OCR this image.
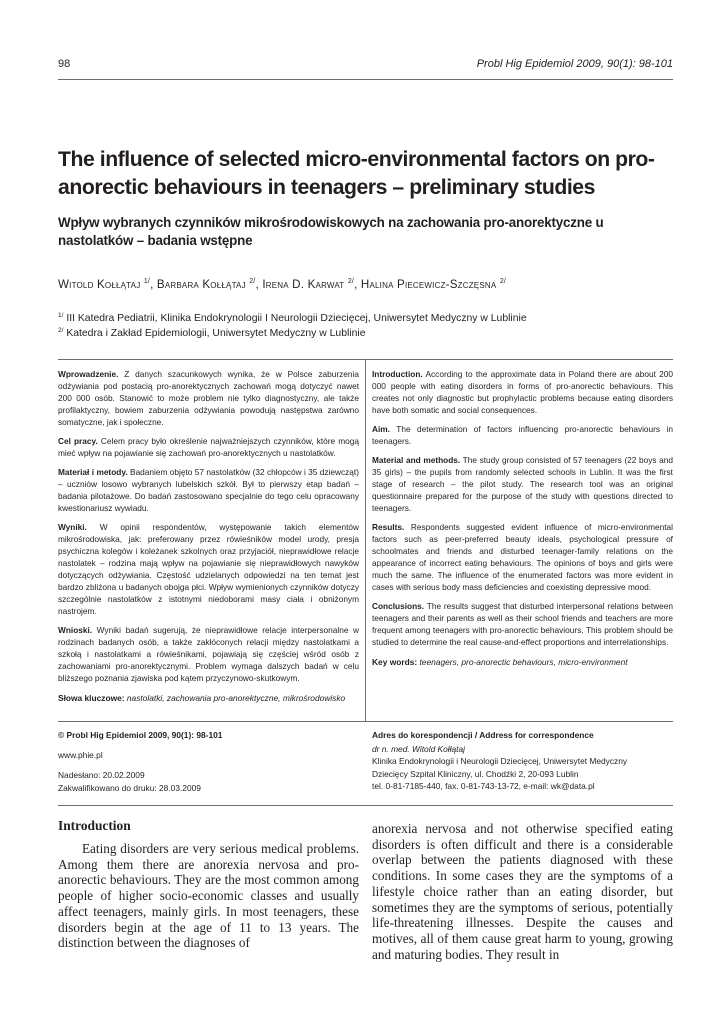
98	Probl Hig Epidemiol 2009, 90(1): 98-101
The influence of selected micro-environmental factors on pro-anorectic behaviours in teenagers – preliminary studies
Wpływ wybranych czynników mikrośrodowiskowych na zachowania pro-anorektyczne u nastolatków – badania wstępne
Witold Kołłątaj $^{1/}$, Barbara Kołłątaj $^{2/}$, Irena D. Karwat $^{2/}$, Halina Piecewicz-Szczęsna $^{2/}$
$^{1/}$ III Katedra Pediatrii, Klinika Endokrynologii I Neurologii Dziecięcej, Uniwersytet Medyczny w Lublinie
$^{2/}$ Katedra i Zakład Epidemiologii, Uniwersytet Medyczny w Lublinie

Wprowadzenie. Z danych szacunkowych wynika, że w Polsce zaburzenia odżywiania pod postacią pro-anorektycznych zachowań mogą dotyczyć nawet 200 000 osób. Stanowić to może problem nie tylko diagnostyczny, ale także profilaktyczny, bowiem zaburzenia odżywiania powodują następstwa zarówno somatyczne, jak i społeczne.

Cel pracy. Celem pracy było określenie najważniejszych czynników, które mogą mieć wpływ na pojawianie się zachowań pro-anorektycznych u nastolatków.

Materiał i metody. Badaniem objęto 57 nastolatków (32 chłopców i 35 dziewcząt) – uczniów losowo wybranych lubelskich szkół. Był to pierwszy etap badań – badania pilotażowe. Do badań zastosowano specjalnie do tego celu opracowany kwestionariusz wywiadu.

Wyniki. W opinii respondentów, występowanie takich elementów mikrośrodowiska, jak: preferowany przez rówieśników model urody, presja psychiczna kolegów i koleżanek szkolnych oraz przyjaciół, nieprawidłowe relacje nastolatek – rodzina mają wpływ na pojawianie się nieprawidłowych nawyków dotyczących odżywiania. Częstość udzielanych odpowiedzi na ten temat jest bardzo zbliżona u badanych obojga płci. Wpływ wymienionych czynników dotyczy szczególnie nastolatków z istotnymi niedoborami masy ciała i obniżonym nastrojem.

Wnioski. Wyniki badań sugerują, że nieprawidłowe relacje interpersonalne w rodzinach badanych osób, a także zakłóconych relacji między nastolatkami a szkołą i nastolatkami a rówieśnikami, pojawiają się częściej wśród osób z zachowaniami pro-anorektycznymi. Problem wymaga dalszych badań w celu bliższego poznania zjawiska pod kątem przyczynowo-skutkowym.

Słowa kluczowe: nastolatki, zachowania pro-anorektyczne, mikrośrodowisko

Introduction. According to the approximate data in Poland there are about 200 000 people with eating disorders in forms of pro-anorectic behaviours. This creates not only diagnostic but prophylactic problems because eating disorders have both somatic and social consequences.

Aim. The determination of factors influencing pro-anorectic behaviours in teenagers.

Material and methods. The study group consisted of 57 teenagers (22 boys and 35 girls) – the pupils from randomly selected schools in Lublin. It was the first stage of research – the pilot study. The research tool was an original questionnaire prepared for the purpose of the study with questions directed to teenagers.

Results. Respondents suggested evident influence of micro-environmental factors such as peer-preferred beauty ideals, psychological pressure of schoolmates and friends and disturbed teenager-family relations on the appearance of incorrect eating behaviours. The opinions of boys and girls were much the same. The influence of the enumerated factors was more evident in cases with serious body mass deficiencies and coexisting depressive mood.

Conclusions. The results suggest that disturbed interpersonal relations between teenagers and their parents as well as their school friends and teachers are more frequent among teenagers with pro-anorectic behaviours. This problem should be studied to determine the real cause-and-effect proportions and interrelationships.

Key words: teenagers, pro-anorectic behaviours, micro-environment

© Probl Hig Epidemiol 2009, 90(1): 98-101
www.phie.pl
Nadesłano: 20.02.2009
Zakwalifikowano do druku: 28.03.2009
Adres do korespondencji / Address for correspondence
dr n. med. Witold Kołłątaj
Klinika Endokrynologii i Neurologii Dziecięcej, Uniwersytet Medyczny
Dziecięcy Szpital Kliniczny, ul. Chodźki 2, 20-093 Lublin
tel. 0-81-7185-440, fax. 0-81-743-13-72, e-mail: wk@data.pl
Introduction

Eating disorders are very serious medical problems. Among them there are anorexia nervosa and pro-anorectic behaviours. They are the most common among people of higher socio-economic classes and usually affect teenagers, mainly girls. In most teenagers, these disorders begin at the age of 11 to 13 years. The distinction between the diagnoses of

anorexia nervosa and not otherwise specified eating disorders is often difficult and there is a considerable overlap between the patients diagnosed with these conditions. In some cases they are the symptoms of a lifestyle choice rather than an eating disorder, but sometimes they are the symptoms of serious, potentially life-threatening illnesses. Despite the causes and motives, all of them cause great harm to young, growing and maturing bodies. They result in
